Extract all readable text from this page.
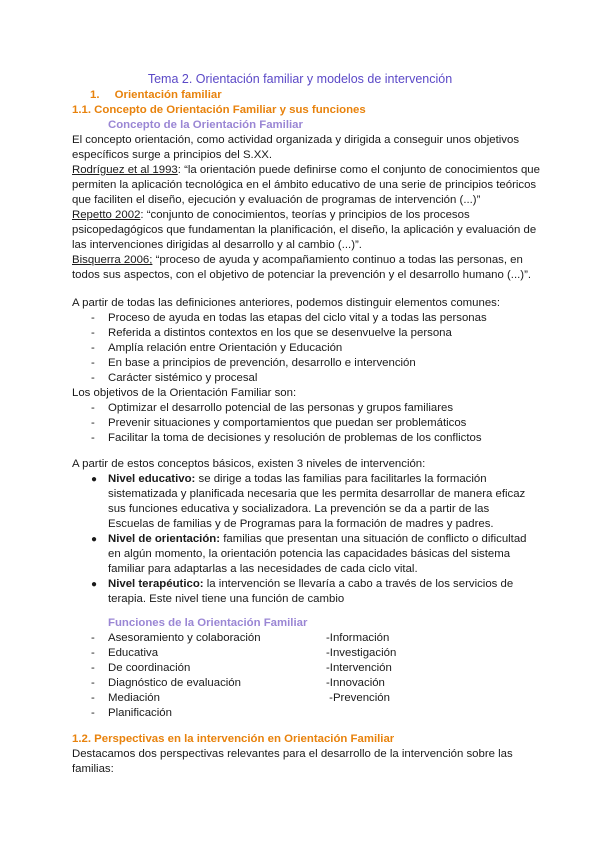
Tema 2. Orientación familiar y modelos de intervención
1. Orientación familiar
1.1. Concepto de Orientación Familiar y sus funciones
Concepto de la Orientación Familiar
El concepto orientación, como actividad organizada y dirigida a conseguir unos objetivos
específicos surge a principios del S.XX.
Rodríguez et al 1993: “la orientación puede definirse como el conjunto de conocimientos que
permiten la aplicación tecnológica en el ámbito educativo de una serie de principios teóricos
que faciliten el diseño, ejecución y evaluación de programas de intervención (...)”
Repetto 2002: “conjunto de conocimientos, teorías y principios de los procesos
psicopedagógicos que fundamentan la planificación, el diseño, la aplicación y evaluación de
las intervenciones dirigidas al desarrollo y al cambio (...)”.
Bisquerra 2006; “proceso de ayuda y acompañamiento continuo a todas las personas, en
todos sus aspectos, con el objetivo de potenciar la prevención y el desarrollo humano (...)”.
A partir de todas las definiciones anteriores, podemos distinguir elementos comunes:
- Proceso de ayuda en todas las etapas del ciclo vital y a todas las personas
- Referida a distintos contextos en los que se desenvuelve la persona
- Amplía relación entre Orientación y Educación
- En base a principios de prevención, desarrollo e intervención
- Carácter sistémico y procesal
Los objetivos de la Orientación Familiar son:
- Optimizar el desarrollo potencial de las personas y grupos familiares
- Prevenir situaciones y comportamientos que puedan ser problemáticos
- Facilitar la toma de decisiones y resolución de problemas de los conflictos
A partir de estos conceptos básicos, existen 3 niveles de intervención:
● Nivel educativo: se dirige a todas las familias para facilitarles la formación
sistematizada y planificada necesaria que les permita desarrollar de manera eficaz
sus funciones educativa y socializadora. La prevención se da a partir de las
Escuelas de familias y de Programas para la formación de madres y padres.
● Nivel de orientación: familias que presentan una situación de conflicto o dificultad
en algún momento, la orientación potencia las capacidades básicas del sistema
familiar para adaptarlas a las necesidades de cada ciclo vital.
● Nivel terapéutico: la intervención se llevaría a cabo a través de los servicios de
terapia. Este nivel tiene una función de cambio
Funciones de la Orientación Familiar
- Asesoramiento y colaboración	-Información
- Educativa	-Investigación
- De coordinación	-Intervención
- Diagnóstico de evaluación	-Innovación
- Mediación	-Prevención
- Planificación
1.2. Perspectivas en la intervención en Orientación Familiar
Destacamos dos perspectivas relevantes para el desarrollo de la intervención sobre las
familias:
